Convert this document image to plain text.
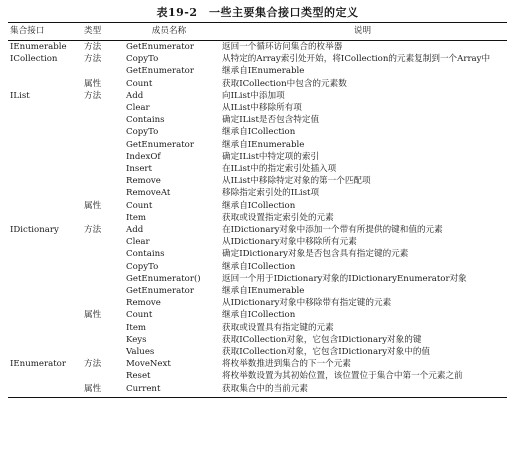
表19-2　一些主要集合接口类型的定义
集合接口	类型	成员名称	说明
IEnumerable	方法	GetEnumerator	返回一个循环访问集合的枚举器
ICollection	方法	CopyTo	从特定的Array索引处开始，将ICollection的元素复制到一个Array中
		GetEnumerator	继承自IEnumerable
	属性	Count	获取ICollection中包含的元素数
IList	方法	Add	向IList中添加项
		Clear	从IList中移除所有项
		Contains	确定IList是否包含特定值
		CopyTo	继承自ICollection
		GetEnumerator	继承自IEnumerable
		IndexOf	确定IList中特定项的索引
		Insert	在IList中的指定索引处插入项
		Remove	从IList中移除特定对象的第一个匹配项
		RemoveAt	移除指定索引处的IList项
	属性	Count	继承自ICollection
		Item	获取或设置指定索引处的元素
IDictionary	方法	Add	在IDictionary对象中添加一个带有所提供的键和值的元素
		Clear	从IDictionary对象中移除所有元素
		Contains	确定IDictionary对象是否包含具有指定键的元素
		CopyTo	继承自ICollection
		GetEnumerator()	返回一个用于IDictionary对象的IDictionaryEnumerator对象
		GetEnumerator	继承自IEnumerable
		Remove	从IDictionary对象中移除带有指定键的元素
	属性	Count	继承自ICollection
		Item	获取或设置具有指定键的元素
		Keys	获取ICollection对象，它包含IDictionary对象的键
		Values	获取ICollection对象，它包含IDictionary对象中的值
IEnumerator	方法	MoveNext	将枚举数推进到集合的下一个元素
		Reset	将枚举数设置为其初始位置，该位置位于集合中第一个元素之前
	属性	Current	获取集合中的当前元素
